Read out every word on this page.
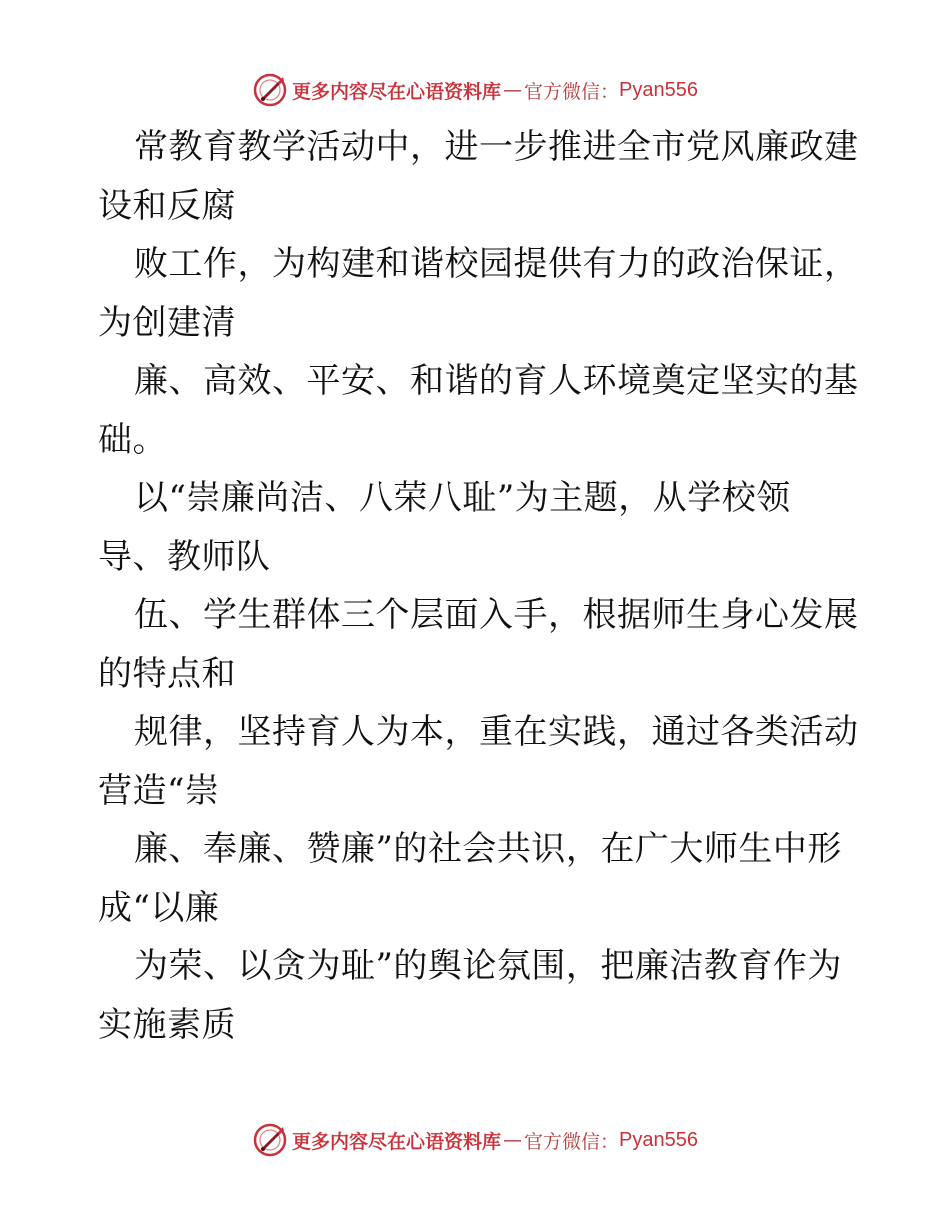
更多内容尽在心语资料库 — 官方微信： Pyan556
常教育教学活动中，进一步推进全市党风廉政建
设和反腐
败工作，为构建和谐校园提供有力的政治保证，
为创建清
廉、高效、平安、和谐的育人环境奠定坚实的基
础。
以“崇廉尚洁、八荣八耻”为主题，从学校领
导、教师队
伍、学生群体三个层面入手，根据师生身心发展
的特点和
规律，坚持育人为本，重在实践，通过各类活动
营造“崇
廉、奉廉、赞廉”的社会共识，在广大师生中形
成“以廉
为荣、以贪为耻”的舆论氛围，把廉洁教育作为
实施素质
更多内容尽在心语资料库 — 官方微信： Pyan556
